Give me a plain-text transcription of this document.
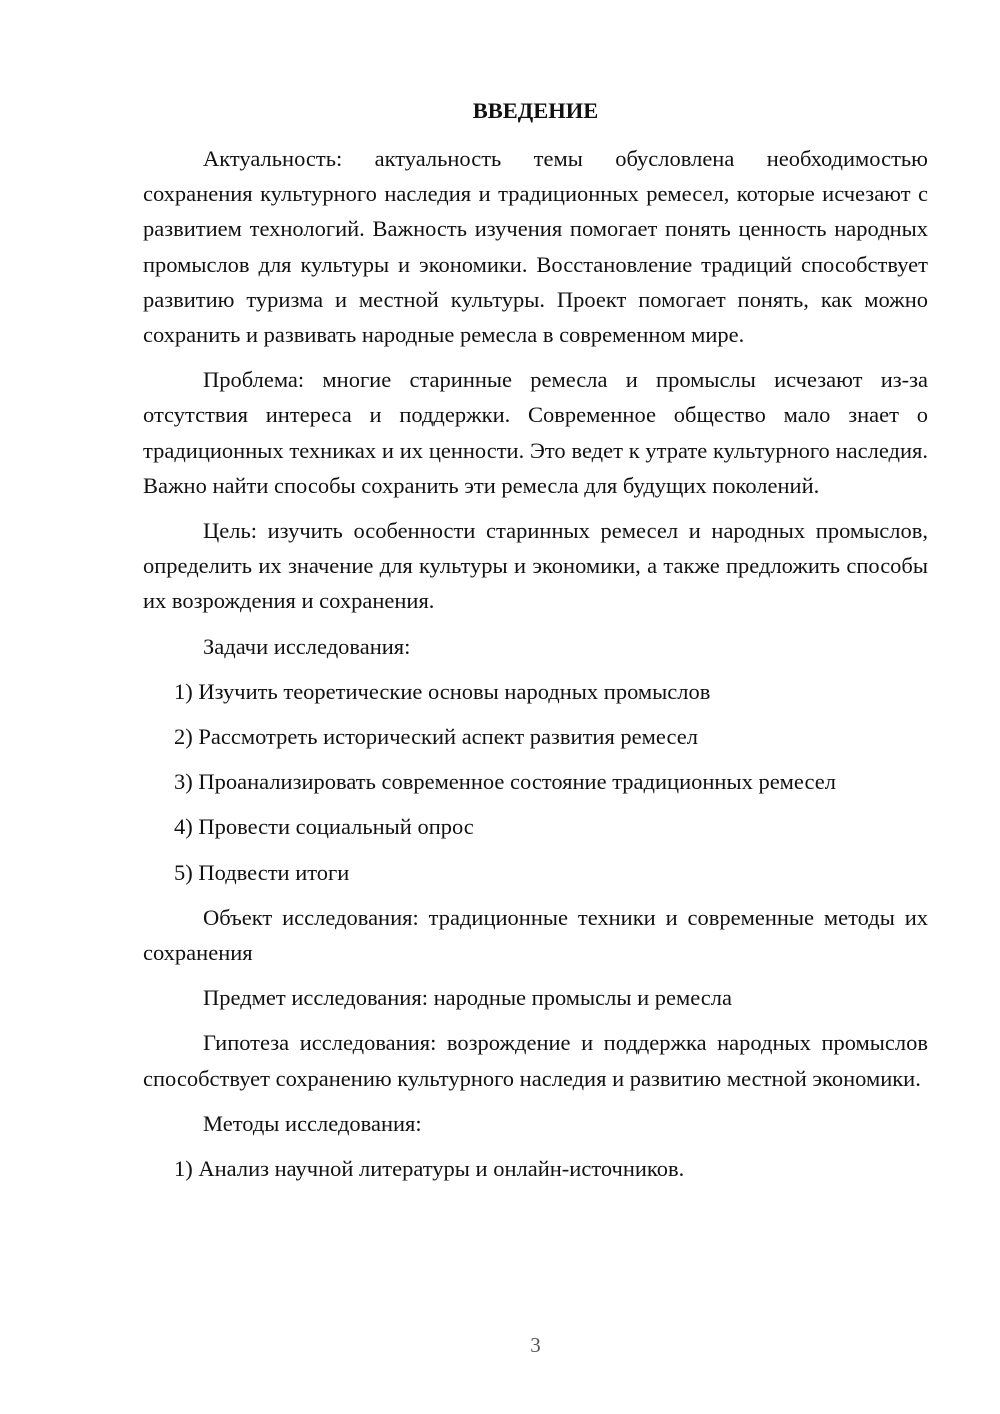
ВВЕДЕНИЕ

Актуальность: актуальность темы обусловлена необходимостью сохранения культурного наследия и традиционных ремесел, которые исчезают с развитием технологий. Важность изучения помогает понять ценность народных промыслов для культуры и экономики. Восстановление традиций способствует развитию туризма и местной культуры. Проект помогает понять, как можно сохранить и развивать народные ремесла в современном мире.

Проблема: многие старинные ремесла и промыслы исчезают из-за отсутствия интереса и поддержки. Современное общество мало знает о традиционных техниках и их ценности. Это ведет к утрате культурного наследия. Важно найти способы сохранить эти ремесла для будущих поколений.

Цель: изучить особенности старинных ремесел и народных промыслов, определить их значение для культуры и экономики, а также предложить способы их возрождения и сохранения.

Задачи исследования:

1) Изучить теоретические основы народных промыслов

2) Рассмотреть исторический аспект развития ремесел

3) Проанализировать современное состояние традиционных ремесел

4) Провести социальный опрос

5) Подвести итоги

Объект исследования: традиционные техники и современные методы их сохранения

Предмет исследования: народные промыслы и ремесла

Гипотеза исследования: возрождение и поддержка народных промыслов способствует сохранению культурного наследия и развитию местной экономики.

Методы исследования:

1) Анализ научной литературы и онлайн-источников.

3
